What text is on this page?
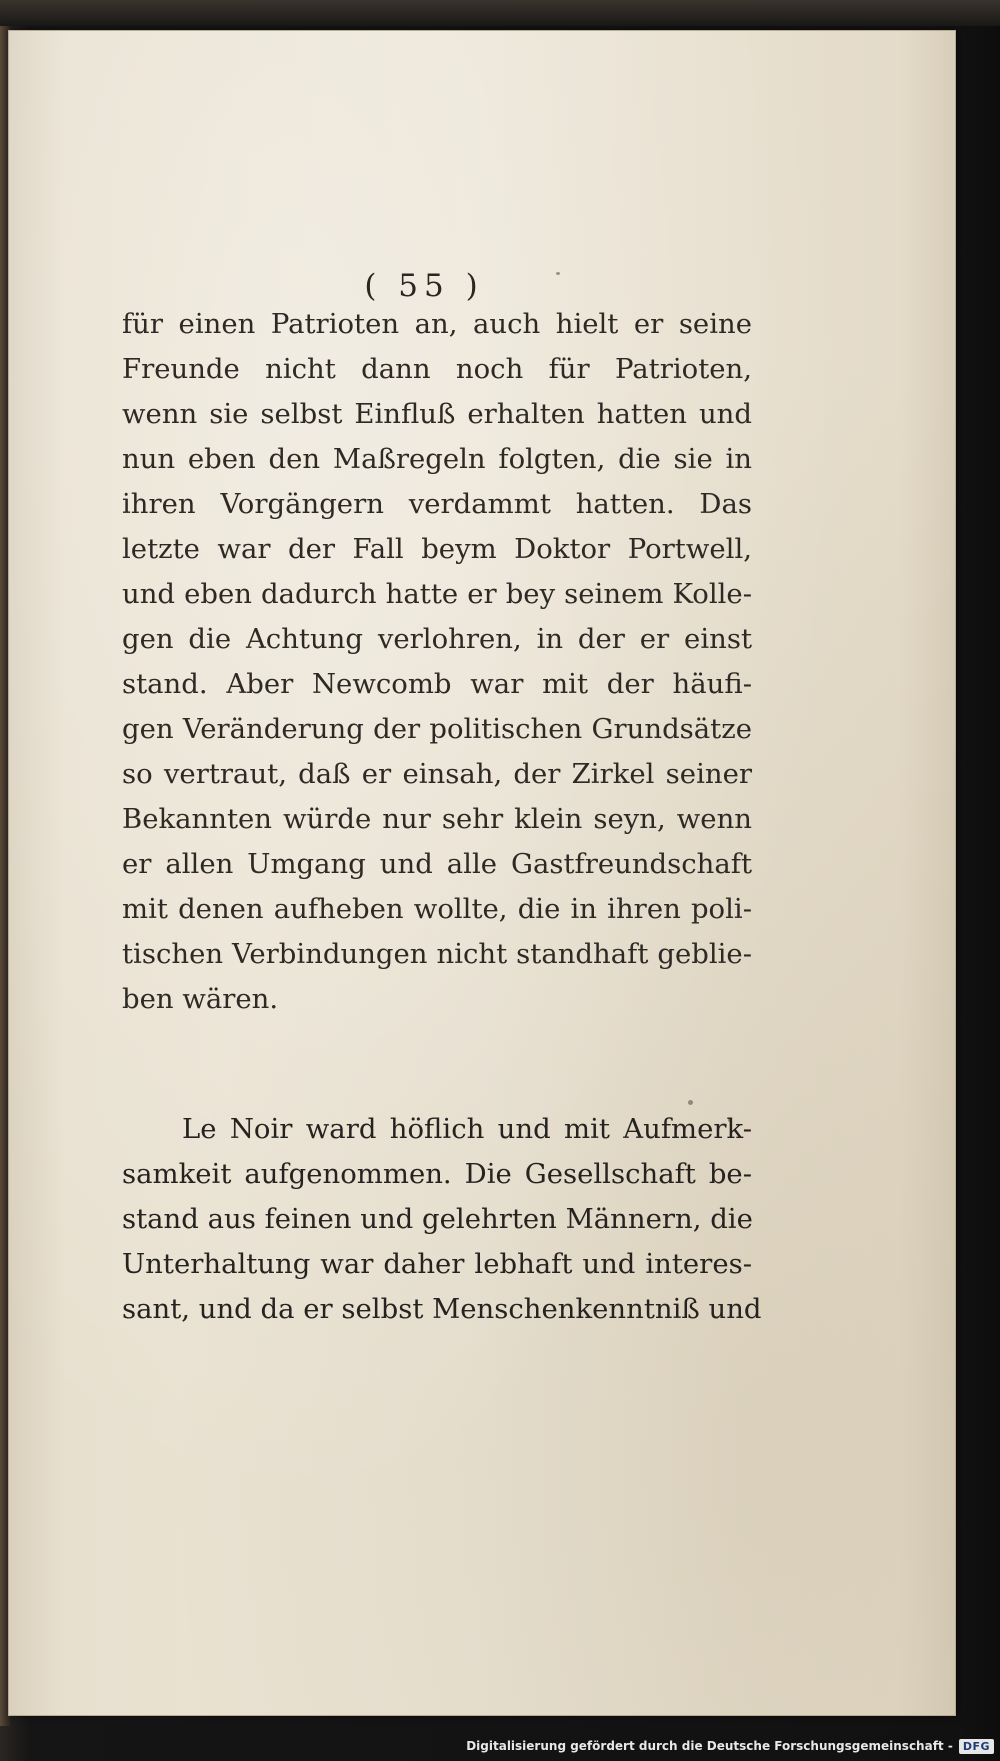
( 55 )
für einen Patrioten an, auch hielt er seine
Freunde nicht dann noch für Patrioten,
wenn sie selbst Einfluß erhalten hatten und
nun eben den Maßregeln folgten, die sie in
ihren Vorgängern verdammt hatten. Das
letzte war der Fall beym Doktor Portwell,
und eben dadurch hatte er bey seinem Kolle-
gen die Achtung verlohren, in der er einst
stand. Aber Newcomb war mit der häufi-
gen Veränderung der politischen Grundsätze
so vertraut, daß er einsah, der Zirkel seiner
Bekannten würde nur sehr klein seyn, wenn
er allen Umgang und alle Gastfreundschaft
mit denen aufheben wollte, die in ihren poli-
tischen Verbindungen nicht standhaft geblie-
ben wären.
Le Noir ward höflich und mit Aufmerk-
samkeit aufgenommen. Die Gesellschaft be-
stand aus feinen und gelehrten Männern, die
Unterhaltung war daher lebhaft und interes-
sant, und da er selbst Menschenkenntniß und
Digitalisierung gefördert durch die Deutsche Forschungsgemeinschaft - DFG
